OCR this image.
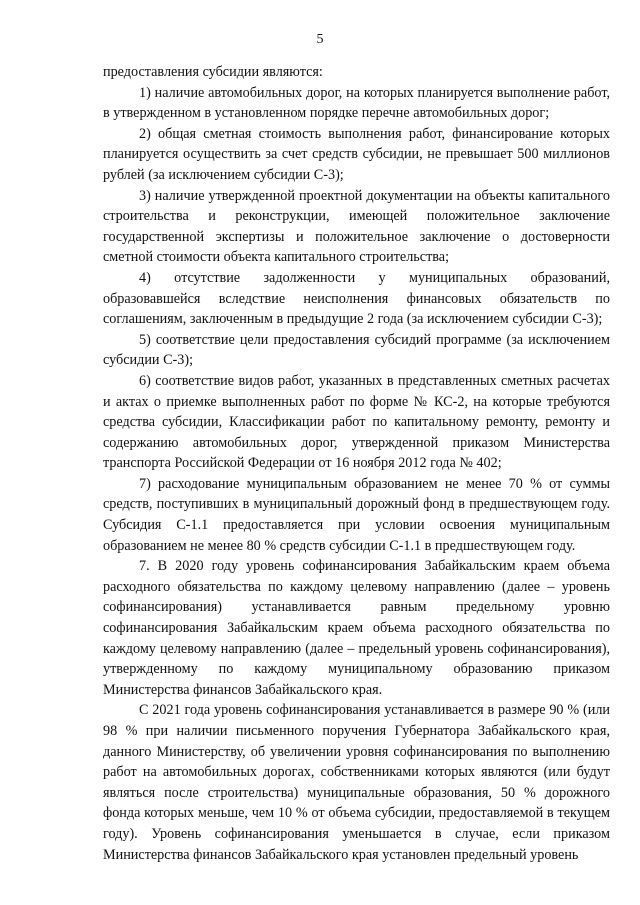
5

предоставления субсидии являются:

1) наличие автомобильных дорог, на которых планируется выполнение работ, в утвержденном в установленном порядке перечне автомобильных дорог;

2) общая сметная стоимость выполнения работ, финансирование которых планируется осуществить за счет средств субсидии, не превышает 500 миллионов рублей (за исключением субсидии С-3);

3) наличие утвержденной проектной документации на объекты капитального строительства и реконструкции, имеющей положительное заключение государственной экспертизы и положительное заключение о достоверности сметной стоимости объекта капитального строительства;

4) отсутствие задолженности у муниципальных образований, образовавшейся вследствие неисполнения финансовых обязательств по соглашениям, заключенным в предыдущие 2 года (за исключением субсидии С-3);

5) соответствие цели предоставления субсидий программе (за исключением субсидии С-3);

6) соответствие видов работ, указанных в представленных сметных расчетах и актах о приемке выполненных работ по форме № КС-2, на которые требуются средства субсидии, Классификации работ по капитальному ремонту, ремонту и содержанию автомобильных дорог, утвержденной приказом Министерства транспорта Российской Федерации от 16 ноября 2012 года № 402;

7) расходование муниципальным образованием не менее 70 % от суммы средств, поступивших в муниципальный дорожный фонд в предшествующем году. Субсидия С-1.1 предоставляется при условии освоения муниципальным образованием не менее 80 % средств субсидии С-1.1 в предшествующем году.

7. В 2020 году уровень софинансирования Забайкальским краем объема расходного обязательства по каждому целевому направлению (далее – уровень софинансирования) устанавливается равным предельному уровню софинансирования Забайкальским краем объема расходного обязательства по каждому целевому направлению (далее – предельный уровень софинансирования), утвержденному по каждому муниципальному образованию приказом Министерства финансов Забайкальского края.

С 2021 года уровень софинансирования устанавливается в размере 90 % (или 98 % при наличии письменного поручения Губернатора Забайкальского края, данного Министерству, об увеличении уровня софинансирования по выполнению работ на автомобильных дорогах, собственниками которых являются (или будут являться после строительства) муниципальные образования, 50 % дорожного фонда которых меньше, чем 10 % от объема субсидии, предоставляемой в текущем году). Уровень софинансирования уменьшается в случае, если приказом Министерства финансов Забайкальского края установлен предельный уровень
